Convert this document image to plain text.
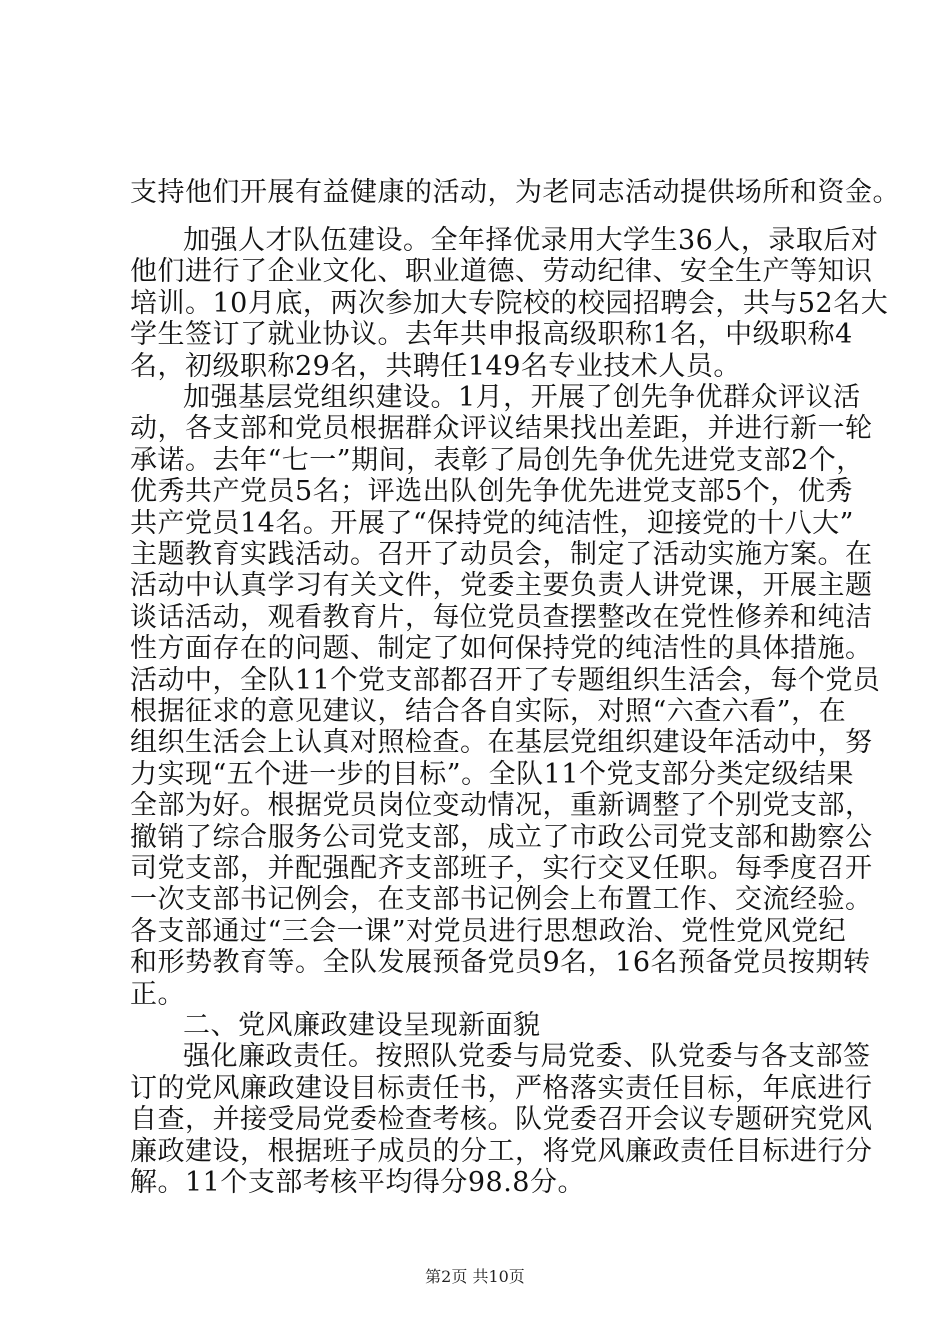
支持他们开展有益健康的活动，为老同志活动提供场所和资金。
加强人才队伍建设。全年择优录用大学生36人，录取后对
他们进行了企业文化、职业道德、劳动纪律、安全生产等知识
培训。10月底，两次参加大专院校的校园招聘会，共与52名大
学生签订了就业协议。去年共申报高级职称1名，中级职称4
名，初级职称29名，共聘任149名专业技术人员。
加强基层党组织建设。1月，开展了创先争优群众评议活
动，各支部和党员根据群众评议结果找出差距，并进行新一轮
承诺。去年“七一”期间，表彰了局创先争优先进党支部2个，
优秀共产党员5名；评选出队创先争优先进党支部5个，优秀
共产党员14名。开展了“保持党的纯洁性，迎接党的十八大”
主题教育实践活动。召开了动员会，制定了活动实施方案。在
活动中认真学习有关文件，党委主要负责人讲党课，开展主题
谈话活动，观看教育片，每位党员查摆整改在党性修养和纯洁
性方面存在的问题、制定了如何保持党的纯洁性的具体措施。
活动中，全队11个党支部都召开了专题组织生活会，每个党员
根据征求的意见建议，结合各自实际，对照“六查六看”，在
组织生活会上认真对照检查。在基层党组织建设年活动中，努
力实现“五个进一步的目标”。全队11个党支部分类定级结果
全部为好。根据党员岗位变动情况，重新调整了个别党支部，
撤销了综合服务公司党支部，成立了市政公司党支部和勘察公
司党支部，并配强配齐支部班子，实行交叉任职。每季度召开
一次支部书记例会，在支部书记例会上布置工作、交流经验。
各支部通过“三会一课”对党员进行思想政治、党性党风党纪
和形势教育等。全队发展预备党员9名，16名预备党员按期转
正。
二、党风廉政建设呈现新面貌
强化廉政责任。按照队党委与局党委、队党委与各支部签
订的党风廉政建设目标责任书，严格落实责任目标，年底进行
自查，并接受局党委检查考核。队党委召开会议专题研究党风
廉政建设，根据班子成员的分工，将党风廉政责任目标进行分
解。11个支部考核平均得分98.8分。
第2页 共10页
